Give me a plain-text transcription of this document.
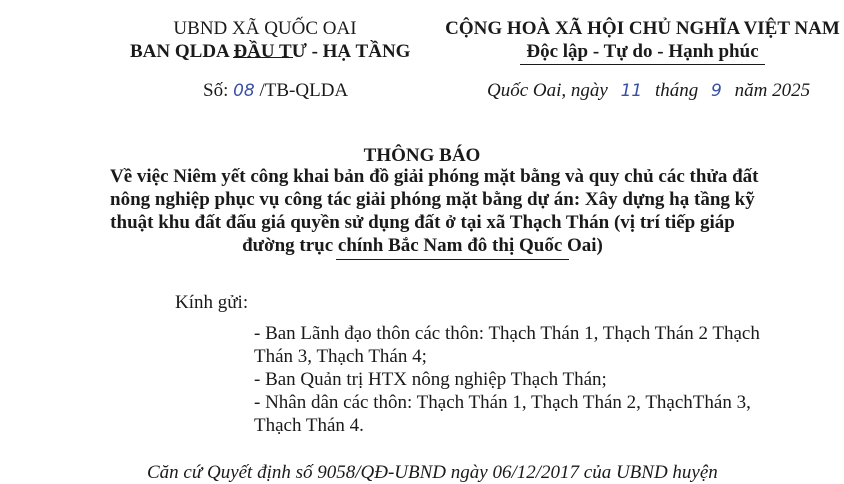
UBND XÃ QUỐC OAI
BAN QLDA ĐẦU TƯ - HẠ TẦNG
Số: 08 /TB-QLDA
CỘNG HOÀ XÃ HỘI CHỦ NGHĨA VIỆT NAM
Độc lập - Tự do - Hạnh phúc
Quốc Oai, ngày 11 tháng 9 năm 2025
THÔNG BÁO
Về việc Niêm yết công khai bản đồ giải phóng mặt bằng và quy chủ các thửa đất
nông nghiệp phục vụ công tác giải phóng mặt bằng dự án: Xây dựng hạ tầng kỹ
thuật khu đất đấu giá quyền sử dụng đất ở tại xã Thạch Thán (vị trí tiếp giáp
đường trục chính Bắc Nam đô thị Quốc Oai)
Kính gửi:
- Ban Lãnh đạo thôn các thôn: Thạch Thán 1, Thạch Thán 2 Thạch
Thán 3, Thạch Thán 4;
- Ban Quản trị HTX nông nghiệp Thạch Thán;
- Nhân dân các thôn: Thạch Thán 1, Thạch Thán 2, ThạchThán 3,
Thạch Thán 4.
Căn cứ Quyết định số 9058/QĐ-UBND ngày 06/12/2017 của UBND huyện
